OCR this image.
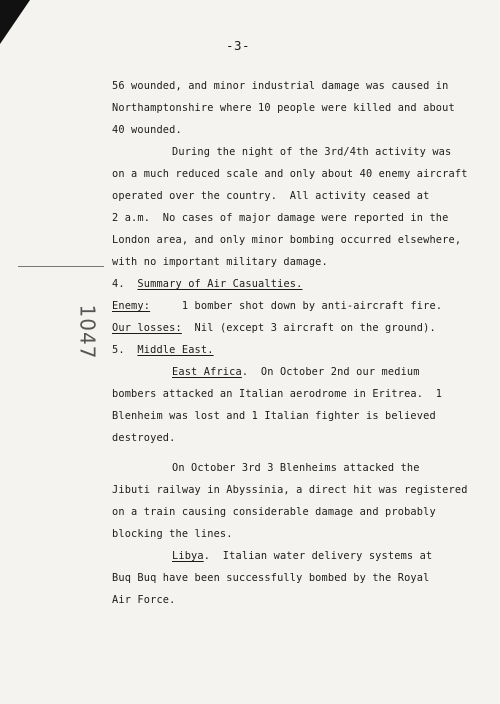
-3-
1047
56 wounded, and minor industrial damage was caused in
Northamptonshire where 10 people were killed and about
40 wounded.
During the night of the 3rd/4th activity was
on a much reduced scale and only about 40 enemy aircraft
operated over the country.  All activity ceased at
2 a.m.  No cases of major damage were reported in the
London area, and only minor bombing occurred elsewhere,
with no important military damage.
4.  Summary of Air Casualties.
Enemy:     1 bomber shot down by anti-aircraft fire.
Our losses:  Nil (except 3 aircraft on the ground).
5.  Middle East.
East Africa.  On October 2nd our medium
bombers attacked an Italian aerodrome in Eritrea.  1
Blenheim was lost and 1 Italian fighter is believed
destroyed.
On October 3rd 3 Blenheims attacked the
Jibuti railway in Abyssinia, a direct hit was registered
on a train causing considerable damage and probably
blocking the lines.
Libya.  Italian water delivery systems at
Buq Buq have been successfully bombed by the Royal
Air Force.
